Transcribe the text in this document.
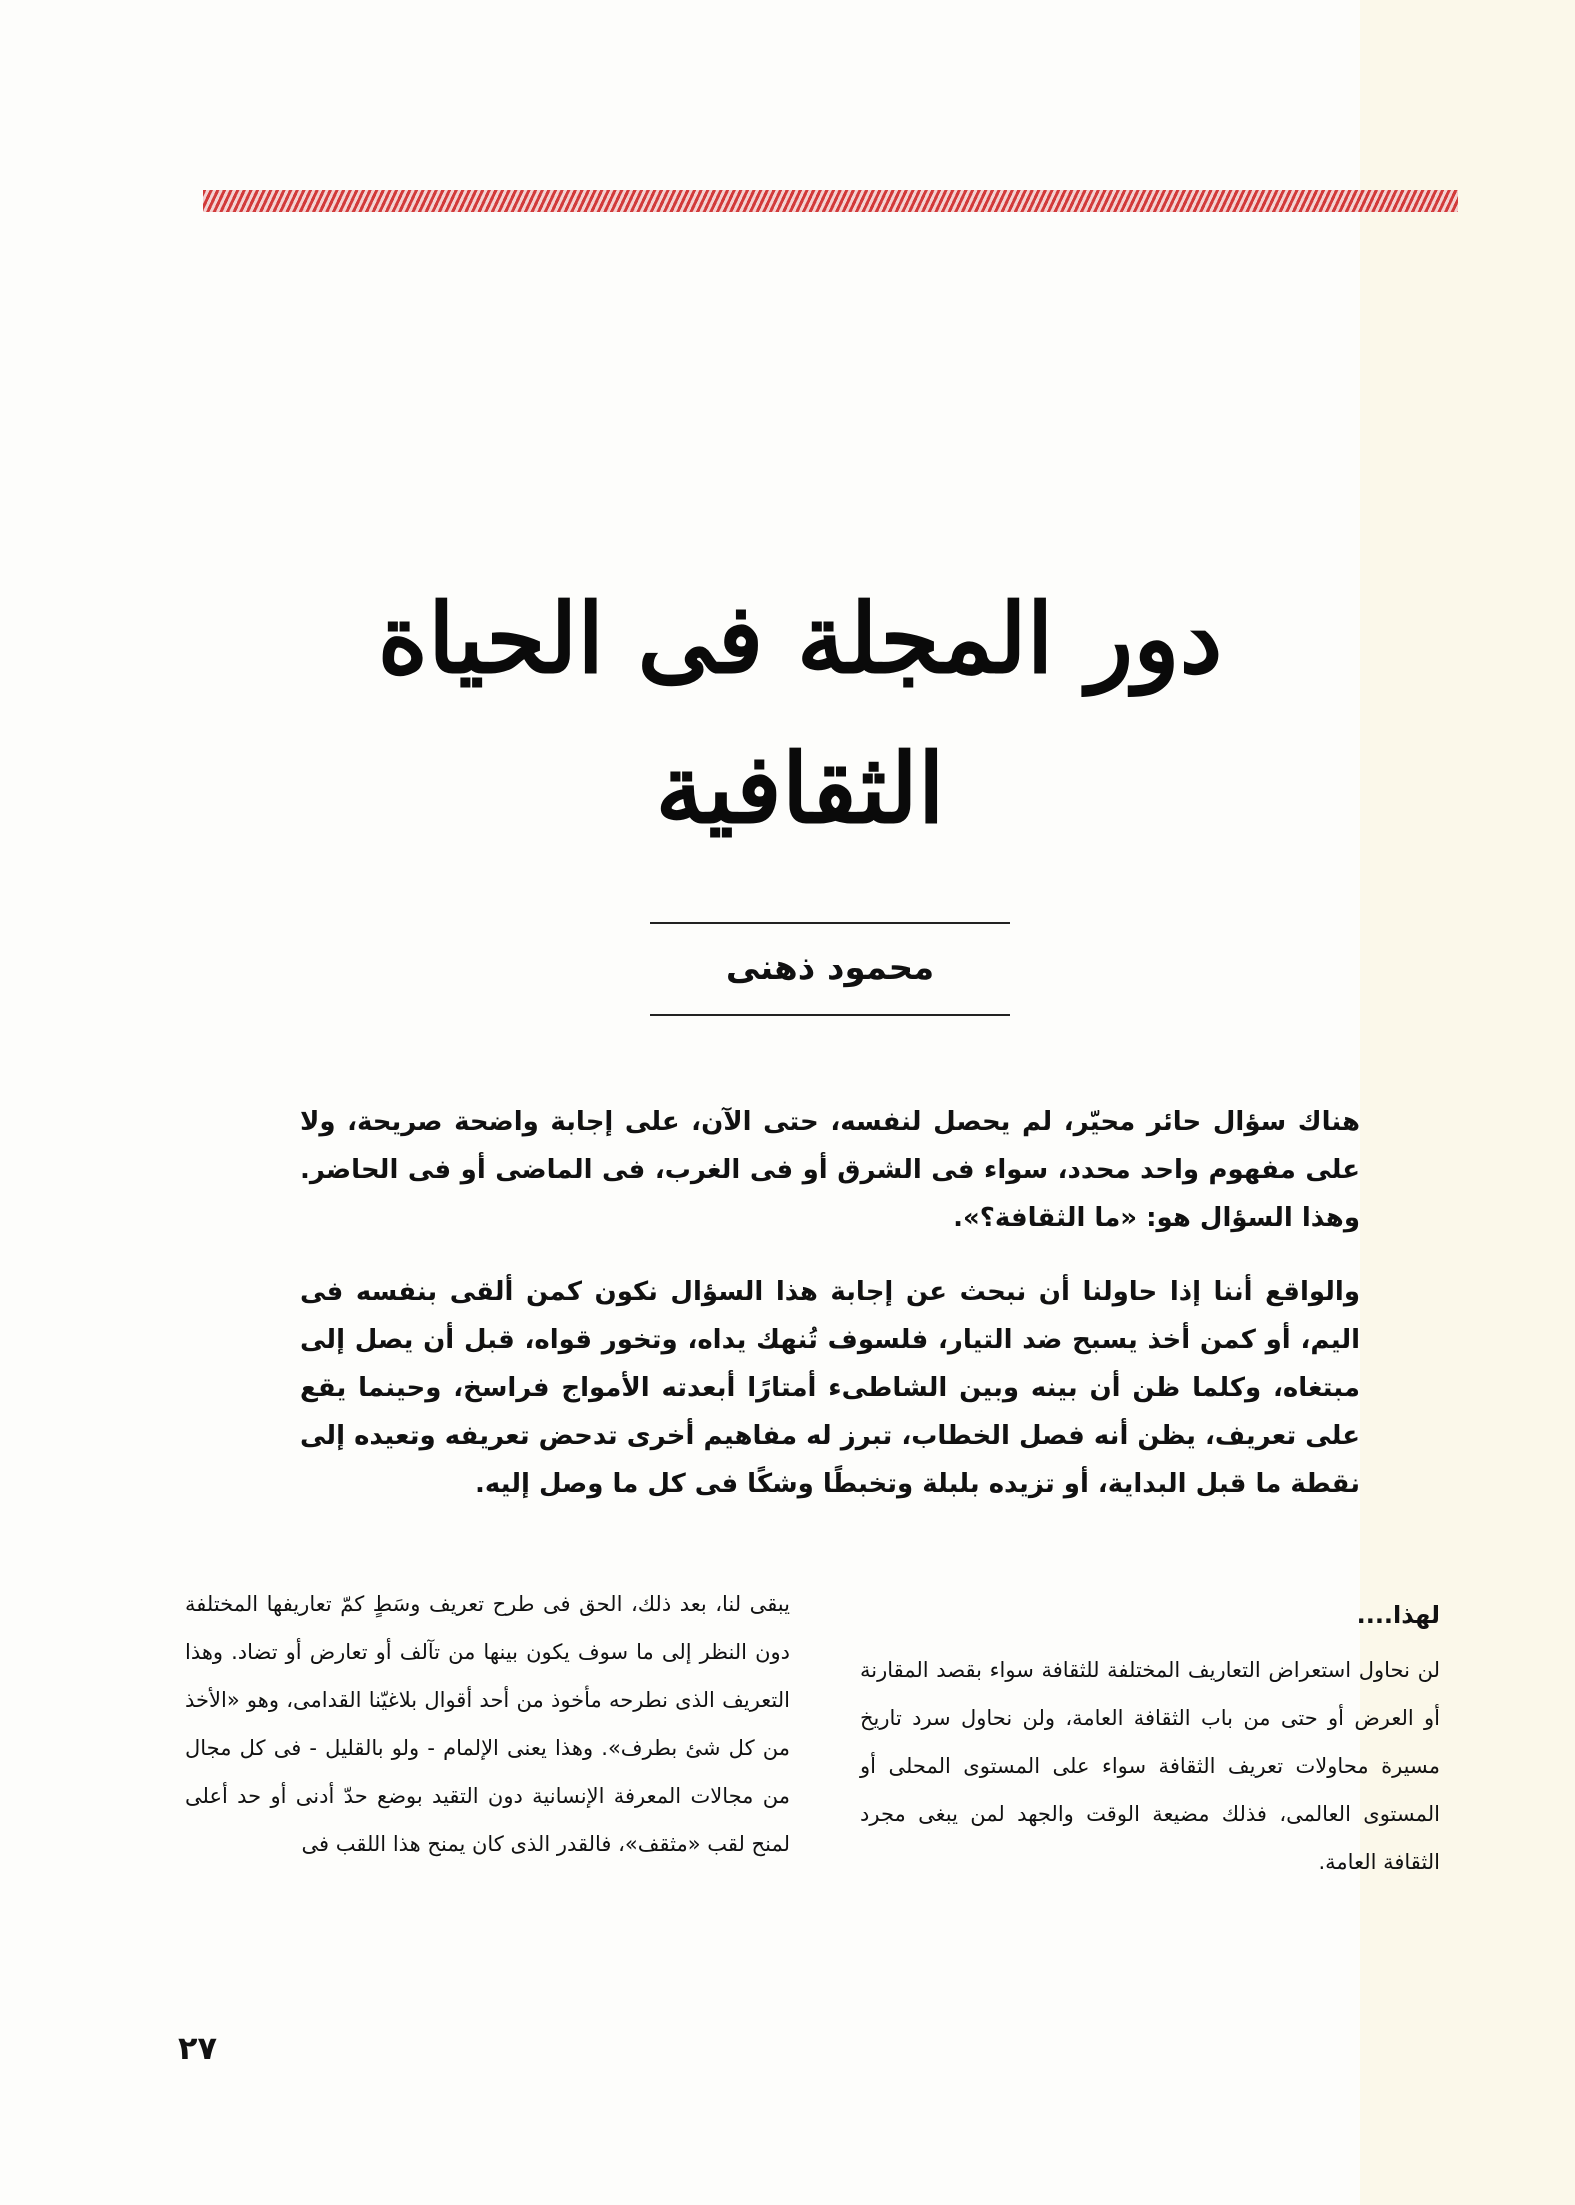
دور المجلة فى الحياة الثقافية
محمود ذهنى

هناك سؤال حائر محيّر، لم يحصل لنفسه، حتى الآن، على إجابة واضحة صريحة، ولا على مفهوم واحد محدد، سواء فى الشرق أو فى الغرب، فى الماضى أو فى الحاضر. وهذا السؤال هو: «ما الثقافة؟».

والواقع أننا إذا حاولنا أن نبحث عن إجابة هذا السؤال نكون كمن ألقى بنفسه فى اليم، أو كمن أخذ يسبح ضد التيار، فلسوف تُنهك يداه، وتخور قواه، قبل أن يصل إلى مبتغاه، وكلما ظن أن بينه وبين الشاطىء أمتارًا أبعدته الأمواج فراسخ، وحينما يقع على تعريف، يظن أنه فصل الخطاب، تبرز له مفاهيم أخرى تدحض تعريفه وتعيده إلى نقطة ما قبل البداية، أو تزيده بلبلة وتخبطًا وشكًا فى كل ما وصل إليه.

لهذا....

لن نحاول استعراض التعاريف المختلفة للثقافة سواء بقصد المقارنة أو العرض أو حتى من باب الثقافة العامة، ولن نحاول سرد تاريخ مسيرة محاولات تعريف الثقافة سواء على المستوى المحلى أو المستوى العالمى، فذلك مضيعة الوقت والجهد لمن يبغى مجرد الثقافة العامة.

يبقى لنا، بعد ذلك، الحق فى طرح تعريف وسَطٍ كمّ تعاريفها المختلفة دون النظر إلى ما سوف يكون بينها من تآلف أو تعارض أو تضاد. وهذا التعريف الذى نطرحه مأخوذ من أحد أقوال بلاغيّنا القدامى، وهو «الأخذ من كل شئ بطرف». وهذا يعنى الإلمام - ولو بالقليل - فى كل مجال من مجالات المعرفة الإنسانية دون التقيد بوضع حدّ أدنى أو حد أعلى لمنح لقب «مثقف»، فالقدر الذى كان يمنح هذا اللقب فى

٢٧
